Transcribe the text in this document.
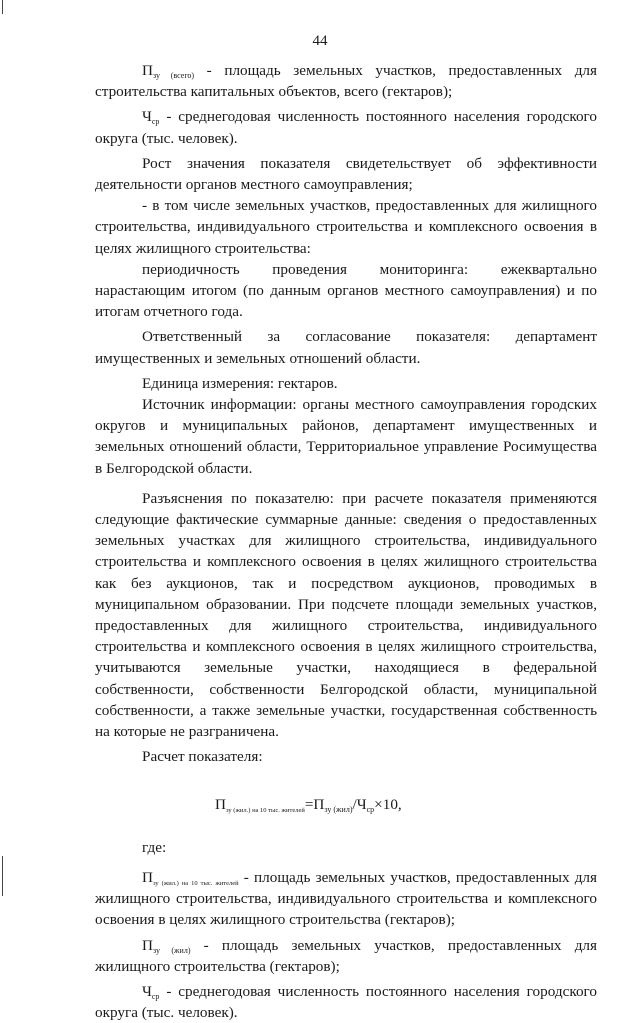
44

$П_{зу (всего)}$ - площадь земельных участков, предоставленных для строительства капитальных объектов, всего (гектаров);

$Ч_{ср}$ - среднегодовая численность постоянного населения городского округа (тыс. человек).

Рост значения показателя свидетельствует об эффективности деятельности органов местного самоуправления;

- в том числе земельных участков, предоставленных для жилищного строительства, индивидуального строительства и комплексного освоения в целях жилищного строительства:

периодичность проведения мониторинга: ежеквартально нарастающим итогом (по данным органов местного самоуправления) и по итогам отчетного года.

Ответственный за согласование показателя: департамент имущественных и земельных отношений области.

Единица измерения: гектаров.

Источник информации: органы местного самоуправления городских округов и муниципальных районов, департамент имущественных и земельных отношений области, Территориальное управление Росимущества в Белгородской области.

Разъяснения по показателю: при расчете показателя применяются следующие фактические суммарные данные: сведения о предоставленных земельных участках для жилищного строительства, индивидуального строительства и комплексного освоения в целях жилищного строительства как без аукционов, так и посредством аукционов, проводимых в муниципальном образовании. При подсчете площади земельных участков, предоставленных для жилищного строительства, индивидуального строительства и комплексного освоения в целях жилищного строительства, учитываются земельные участки, находящиеся в федеральной собственности, собственности Белгородской области, муниципальной собственности, а также земельные участки, государственная собственность на которые не разграничена.

Расчет показателя:

$П_{зу (жил.) на 10 тыс. жителей}=П_{зу (жил)}/Ч_{ср}\times 10$,

где:

$П_{зу (жил.) на 10 тыс. жителей}$ - площадь земельных участков, предоставленных для жилищного строительства, индивидуального строительства и комплексного освоения в целях жилищного строительства (гектаров);

$П_{зу (жил)}$ - площадь земельных участков, предоставленных для жилищного строительства (гектаров);

$Ч_{ср}$ - среднегодовая численность постоянного населения городского округа (тыс. человек).
